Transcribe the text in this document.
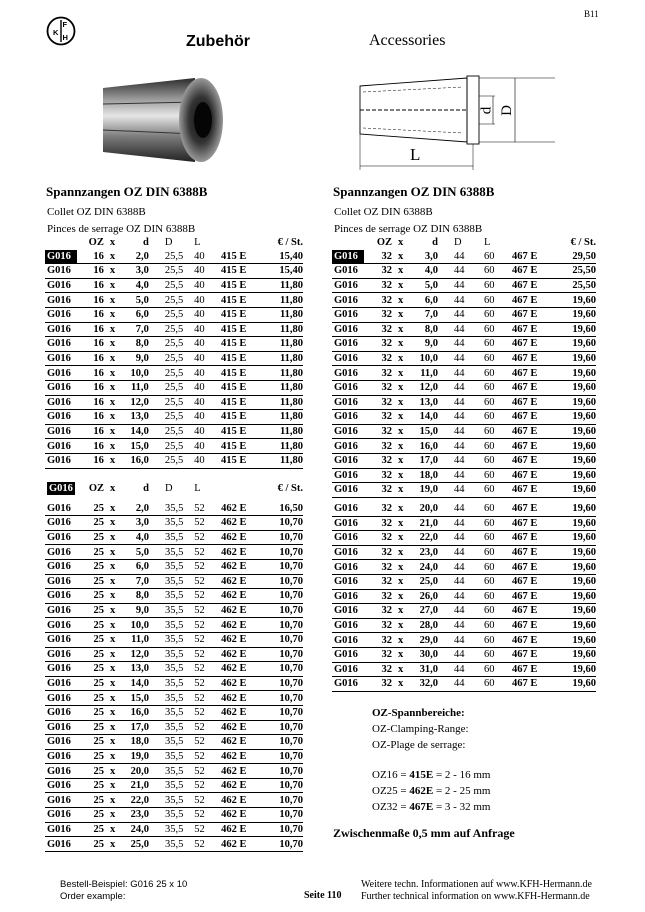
B11
K
F
H	Zubehör	Accessories
d D
L
Spannzangen OZ DIN 6388B
Collet OZ DIN 6388B
Pinces de serrage OZ DIN 6388B
Spannzangen OZ DIN 6388B
Collet OZ DIN 6388B
Pinces de serrage OZ DIN 6388B
	OZ	x	d	D	L		€ / St.
G016	16	x	2,0	25,5	40	415 E	15,40
G016	16	x	3,0	25,5	40	415 E	15,40
G016	16	x	4,0	25,5	40	415 E	11,80
G016	16	x	5,0	25,5	40	415 E	11,80
G016	16	x	6,0	25,5	40	415 E	11,80
G016	16	x	7,0	25,5	40	415 E	11,80
G016	16	x	8,0	25,5	40	415 E	11,80
G016	16	x	9,0	25,5	40	415 E	11,80
G016	16	x	10,0	25,5	40	415 E	11,80
G016	16	x	11,0	25,5	40	415 E	11,80
G016	16	x	12,0	25,5	40	415 E	11,80
G016	16	x	13,0	25,5	40	415 E	11,80
G016	16	x	14,0	25,5	40	415 E	11,80
G016	16	x	15,0	25,5	40	415 E	11,80
G016	16	x	16,0	25,5	40	415 E	11,80
G016	OZ	x	d	D	L		€ / St.

G016	25	x	2,0	35,5	52	462 E	16,50
G016	25	x	3,0	35,5	52	462 E	10,70
G016	25	x	4,0	35,5	52	462 E	10,70
G016	25	x	5,0	35,5	52	462 E	10,70
G016	25	x	6,0	35,5	52	462 E	10,70
G016	25	x	7,0	35,5	52	462 E	10,70
G016	25	x	8,0	35,5	52	462 E	10,70
G016	25	x	9,0	35,5	52	462 E	10,70
G016	25	x	10,0	35,5	52	462 E	10,70
G016	25	x	11,0	35,5	52	462 E	10,70
G016	25	x	12,0	35,5	52	462 E	10,70
G016	25	x	13,0	35,5	52	462 E	10,70
G016	25	x	14,0	35,5	52	462 E	10,70
G016	25	x	15,0	35,5	52	462 E	10,70
G016	25	x	16,0	35,5	52	462 E	10,70
G016	25	x	17,0	35,5	52	462 E	10,70
G016	25	x	18,0	35,5	52	462 E	10,70
G016	25	x	19,0	35,5	52	462 E	10,70
G016	25	x	20,0	35,5	52	462 E	10,70
G016	25	x	21,0	35,5	52	462 E	10,70
G016	25	x	22,0	35,5	52	462 E	10,70
G016	25	x	23,0	35,5	52	462 E	10,70
G016	25	x	24,0	35,5	52	462 E	10,70
G016	25	x	25,0	35,5	52	462 E	10,70
	OZ	x	d	D	L		€ / St.
G016	32	x	3,0	44	60	467 E	29,50
G016	32	x	4,0	44	60	467 E	25,50
G016	32	x	5,0	44	60	467 E	25,50
G016	32	x	6,0	44	60	467 E	19,60
G016	32	x	7,0	44	60	467 E	19,60
G016	32	x	8,0	44	60	467 E	19,60
G016	32	x	9,0	44	60	467 E	19,60
G016	32	x	10,0	44	60	467 E	19,60
G016	32	x	11,0	44	60	467 E	19,60
G016	32	x	12,0	44	60	467 E	19,60
G016	32	x	13,0	44	60	467 E	19,60
G016	32	x	14,0	44	60	467 E	19,60
G016	32	x	15,0	44	60	467 E	19,60
G016	32	x	16,0	44	60	467 E	19,60
G016	32	x	17,0	44	60	467 E	19,60
G016	32	x	18,0	44	60	467 E	19,60
G016	32	x	19,0	44	60	467 E	19,60
G016	32	x	20,0	44	60	467 E	19,60
G016	32	x	21,0	44	60	467 E	19,60
G016	32	x	22,0	44	60	467 E	19,60
G016	32	x	23,0	44	60	467 E	19,60
G016	32	x	24,0	44	60	467 E	19,60
G016	32	x	25,0	44	60	467 E	19,60
G016	32	x	26,0	44	60	467 E	19,60
G016	32	x	27,0	44	60	467 E	19,60
G016	32	x	28,0	44	60	467 E	19,60
G016	32	x	29,0	44	60	467 E	19,60
G016	32	x	30,0	44	60	467 E	19,60
G016	32	x	31,0	44	60	467 E	19,60
G016	32	x	32,0	44	60	467 E	19,60
OZ-Spannbereiche:
OZ-Clamping-Range:
OZ-Plage de serrage:
OZ16 = 415E = 2 - 16 mm
OZ25 = 462E = 2 - 25 mm
OZ32 = 467E = 3 - 32 mm
Zwischenmaße 0,5 mm auf Anfrage
Bestell-Beispiel: G016 25 x 10
Order example:	Seite 110
Weitere techn. Informationen auf www.KFH-Hermann.de
Further technical information on www.KFH-Hermann.de
